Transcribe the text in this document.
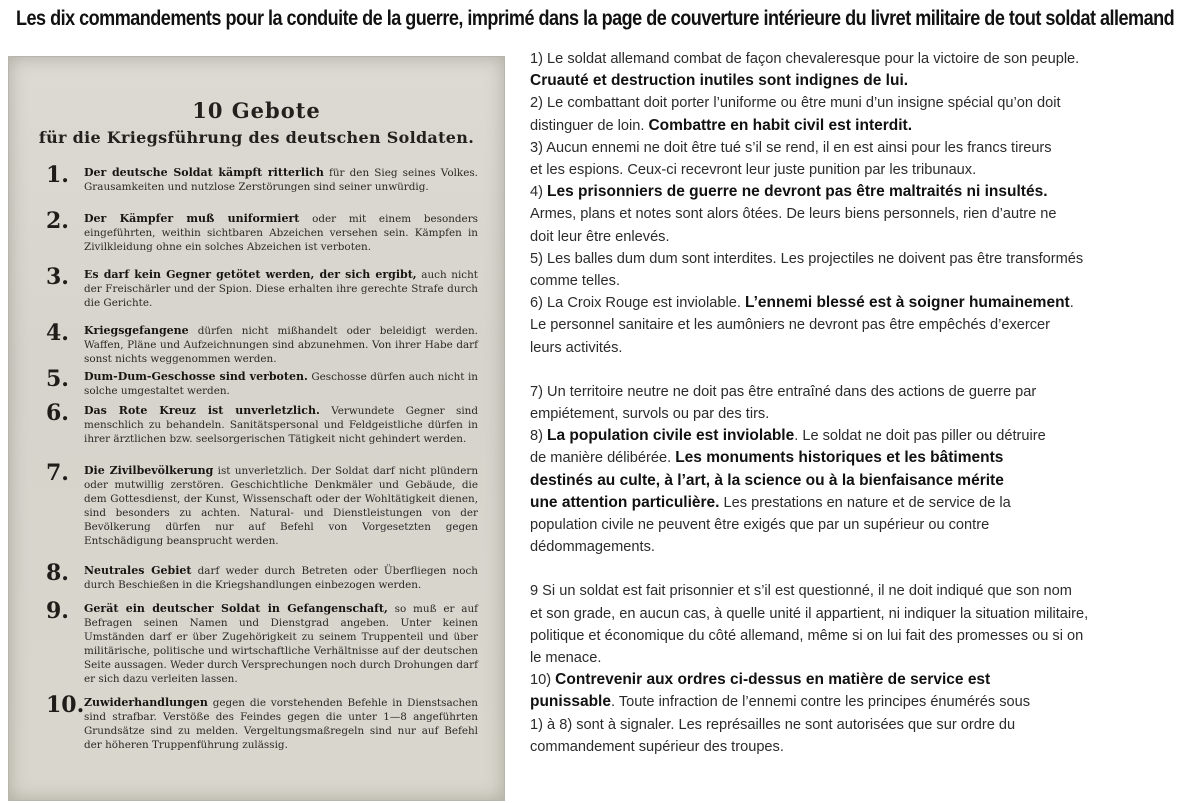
Les dix commandements pour la conduite de la guerre, imprimé dans la page de couverture intérieure du livret militaire de tout soldat allemand
10 Gebote
für die Kriegsführung des deutschen Soldaten.
1.	Der deutsche Soldat kämpft ritterlich für den Sieg seines Volkes. Grausamkeiten und nutzlose Zerstörungen sind seiner unwürdig.
2.	Der Kämpfer muß uniformiert oder mit einem besonders eingeführten, weithin sichtbaren Abzeichen versehen sein. Kämpfen in Zivilkleidung ohne ein solches Abzeichen ist verboten.
3.	Es darf kein Gegner getötet werden, der sich ergibt, auch nicht der Freischärler und der Spion. Diese erhalten ihre gerechte Strafe durch die Gerichte.
4.	Kriegsgefangene dürfen nicht mißhandelt oder beleidigt werden. Waffen, Pläne und Aufzeichnungen sind abzunehmen. Von ihrer Habe darf sonst nichts weggenommen werden.
5.	Dum-Dum-Geschosse sind verboten. Geschosse dürfen auch nicht in solche umgestaltet werden.
6.	Das Rote Kreuz ist unverletzlich. Verwundete Gegner sind menschlich zu behandeln. Sanitätspersonal und Feldgeistliche dürfen in ihrer ärztlichen bzw. seelsorgerischen Tätigkeit nicht gehindert werden.
7.	Die Zivilbevölkerung ist unverletzlich. Der Soldat darf nicht plündern oder mutwillig zerstören. Geschichtliche Denkmäler und Gebäude, die dem Gottesdienst, der Kunst, Wissenschaft oder der Wohltätigkeit dienen, sind besonders zu achten. Natural- und Dienstleistungen von der Bevölkerung dürfen nur auf Befehl von Vorgesetzten gegen Entschädigung beansprucht werden.
8.	Neutrales Gebiet darf weder durch Betreten oder Überfliegen noch durch Beschießen in die Kriegshandlungen einbezogen werden.
9.	Gerät ein deutscher Soldat in Gefangenschaft, so muß er auf Befragen seinen Namen und Dienstgrad angeben. Unter keinen Umständen darf er über Zugehörigkeit zu seinem Truppenteil und über militärische, politische und wirtschaftliche Verhältnisse auf der deutschen Seite aussagen. Weder durch Versprechungen noch durch Drohungen darf er sich dazu verleiten lassen.
10. Zuwiderhandlungen gegen die vorstehenden Befehle in Dienstsachen sind strafbar. Verstöße des Feindes gegen die unter 1—8 angeführten Grundsätze sind zu melden. Vergeltungsmaßregeln sind nur auf Befehl der höheren Truppenführung zulässig.
1) Le soldat allemand combat de façon chevaleresque pour la victoire de son peuple.
Cruauté et destruction inutiles sont indignes de lui.
2) Le combattant doit porter l’uniforme ou être muni d’un insigne spécial qu’on doit
distinguer de loin. Combattre en habit civil est interdit.
3) Aucun ennemi ne doit être tué s’il se rend, il en est ainsi pour les francs tireurs
et les espions. Ceux-ci recevront leur juste punition par les tribunaux.
4) Les prisonniers de guerre ne devront pas être maltraités ni insultés.
Armes, plans et notes sont alors ôtées. De leurs biens personnels, rien d’autre ne
doit leur être enlevés.
5) Les balles dum dum sont interdites. Les projectiles ne doivent pas être transformés
comme telles.
6) La Croix Rouge est inviolable. L’ennemi blessé est à soigner humainement.
Le personnel sanitaire et les aumôniers ne devront pas être empêchés d’exercer
leurs activités.
7) Un territoire neutre ne doit pas être entraîné dans des actions de guerre par
empiétement, survols ou par des tirs.
8) La population civile est inviolable. Le soldat ne doit pas piller ou détruire
de manière délibérée. Les monuments historiques et les bâtiments
destinés au culte, à l’art, à la science ou à la bienfaisance mérite
une attention particulière. Les prestations en nature et de service de la
population civile ne peuvent être exigés que par un supérieur ou contre
dédommagements.
9 Si un soldat est fait prisonnier et s’il est questionné, il ne doit indiqué que son nom
et son grade, en aucun cas, à quelle unité il appartient, ni indiquer la situation militaire,
politique et économique du côté allemand, même si on lui fait des promesses ou si on
le menace.
10) Contrevenir aux ordres ci-dessus en matière de service est
punissable. Toute infraction de l’ennemi contre les principes énumérés sous
1) à 8) sont à signaler. Les représailles ne sont autorisées que sur ordre du
commandement supérieur des troupes.
